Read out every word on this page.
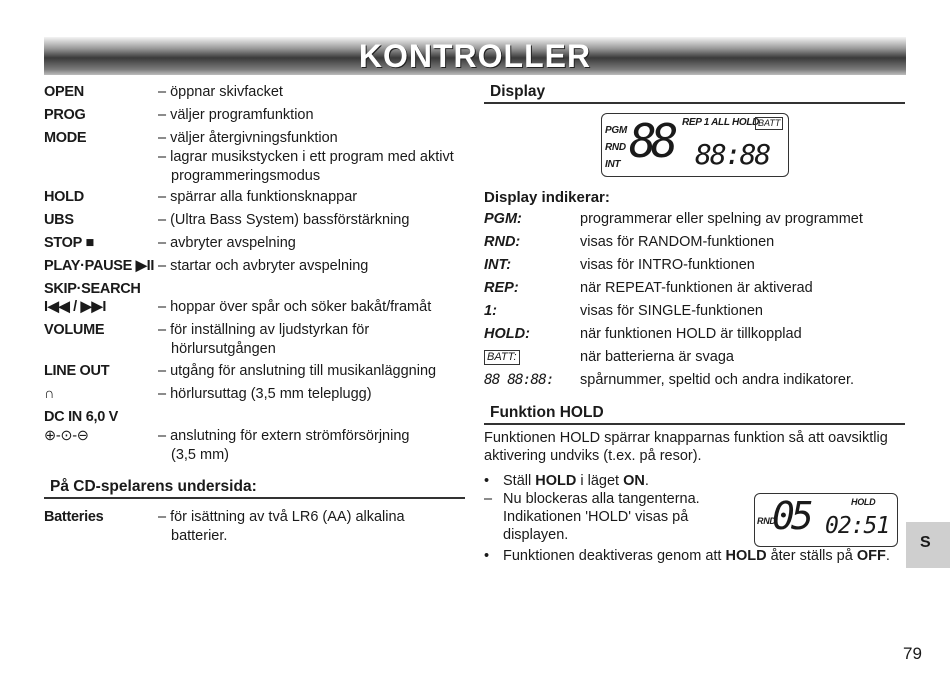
KONTROLLER
OPEN	– öppnar skivfacket
PROG	– väljer programfunktion
MODE	– väljer återgivningsfunktion
– lagrar musikstycken i ett program med aktivt
programmeringsmodus
HOLD	– spärrar alla funktionsknappar
UBS	– (Ultra Bass System) bassförstärkning
STOP ■	– avbryter avspelning
PLAY·PAUSE ▶II – startar och avbryter avspelning
SKIP·SEARCH
I◀◀ / ▶▶I	– hoppar över spår och söker bakåt/framåt
VOLUME	– för inställning av ljudstyrkan för
hörlursutgången
LINE OUT	– utgång för anslutning till musikanläggning
∩	– hörlursuttag (3,5 mm teleplugg)
DC IN 6,0 V
⊕-⊙-⊖	– anslutning för extern strömförsörjning
(3,5 mm)
På CD-spelarens undersida:
Batteries	– för isättning av två LR6 (AA) alkalina
batterier.
Display
PGM
RND
INT 88 REP 1 ALL HOLD
BATT
88:88
Display indikerar:
PGM:	programmerar eller spelning av programmet
RND:	visas för RANDOM-funktionen
INT:	visas för INTRO-funktionen
REP:	när REPEAT-funktionen är aktiverad
1:	visas för SINGLE-funktionen
HOLD:	när funktionen HOLD är tillkopplad
BATT:	när batterierna är svaga
88 88:88: spårnummer, speltid och andra indikatorer.
Funktion HOLD
Funktionen HOLD spärrar knapparnas funktion så att oavsiktlig aktivering undviks (t.ex. på resor).
• Ställ HOLD i läget ON.
– Nu blockeras alla tangenterna. Indikationen 'HOLD' visas på displayen.
• Funktionen deaktiveras genom att HOLD åter ställs på OFF.
HOLD
RND
05 02:51
S
79
